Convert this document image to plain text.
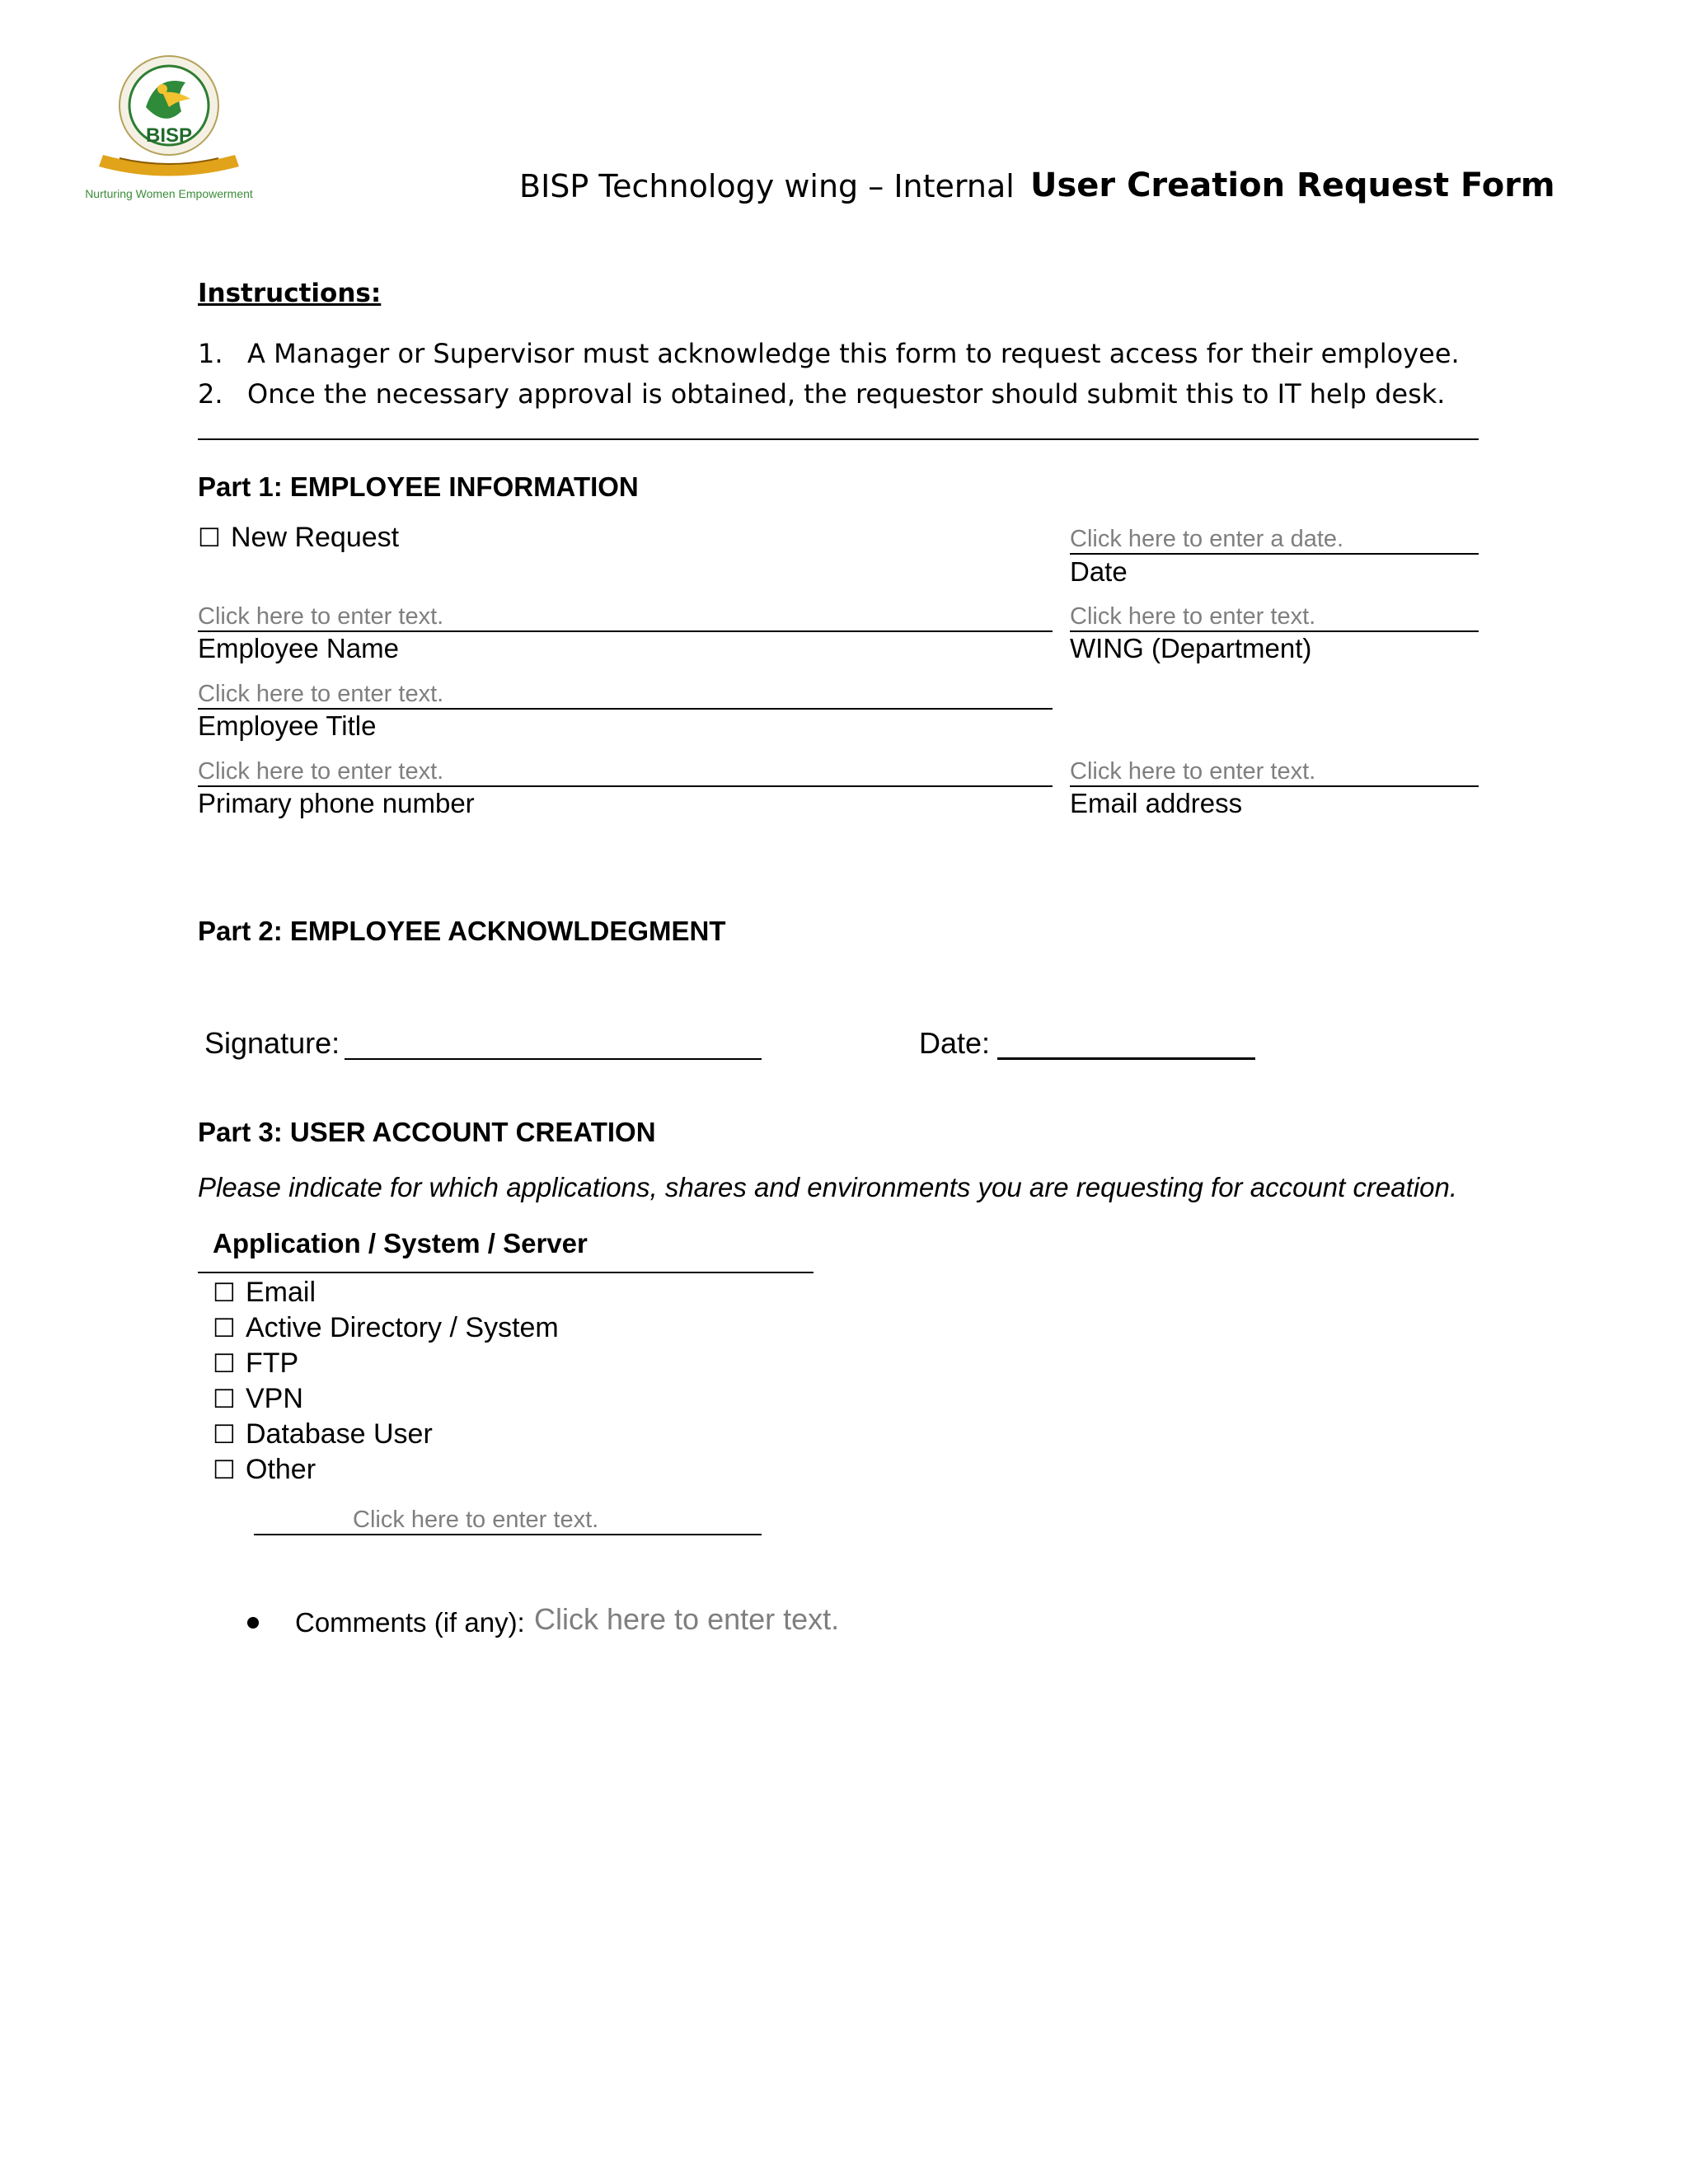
BISP
Nurturing Women Empowerment	BISP Technology wing – Internal User Creation Request Form
Instructions:
1. A Manager or Supervisor must acknowledge this form to request access for their employee.
2. Once the necessary approval is obtained, the requestor should submit this to IT help desk.
Part 1: EMPLOYEE INFORMATION
☐ New Request	Click here to enter a date.
Date
Click here to enter text.
Employee Name
Click here to enter text.
WING (Department)
Click here to enter text.
Employee Title
Click here to enter text.
Primary phone number
Click here to enter text.
Email address
Part 2: EMPLOYEE ACKNOWLDEGMENT
Signature:	Date:
Part 3: USER ACCOUNT CREATION
Please indicate for which applications, shares and environments you are requesting for account creation.
Application / System / Server
☐ Email
☐ Active Directory / System
☐ FTP
☐ VPN
☐ Database User
☐ Other
Click here to enter text.
Comments (if any): Click here to enter text.
